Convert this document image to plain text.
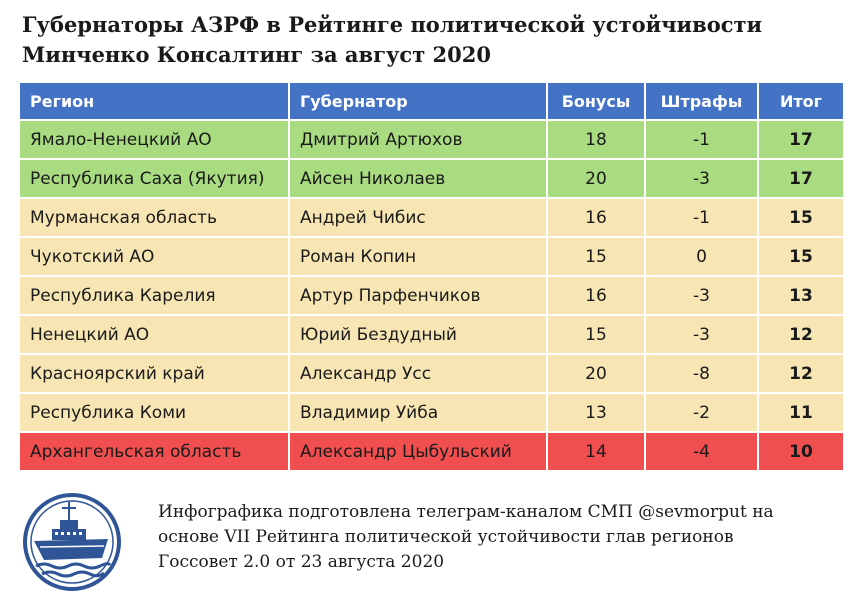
Губернаторы АЗРФ в Рейтинге политической устойчивости
Минченко Консалтинг за август 2020
Регион	Губернатор	Бонусы	Штрафы	Итог
Ямало-Ненецкий АО	Дмитрий Артюхов	18	-1	17
Республика Саха (Якутия)	Айсен Николаев	20	-3	17
Мурманская область	Андрей Чибис	16	-1	15
Чукотский АО	Роман Копин	15	0	15
Республика Карелия	Артур Парфенчиков	16	-3	13
Ненецкий АО	Юрий Бездудный	15	-3	12
Красноярский край	Александр Усс	20	-8	12
Республика Коми	Владимир Уйба	13	-2	11
Архангельская область	Александр Цыбульский	14	-4	10
Инфографика подготовлена телеграм-каналом СМП @sevmorput на
основе VII Рейтинга политической устойчивости глав регионов
Госсовет 2.0 от 23 августа 2020
